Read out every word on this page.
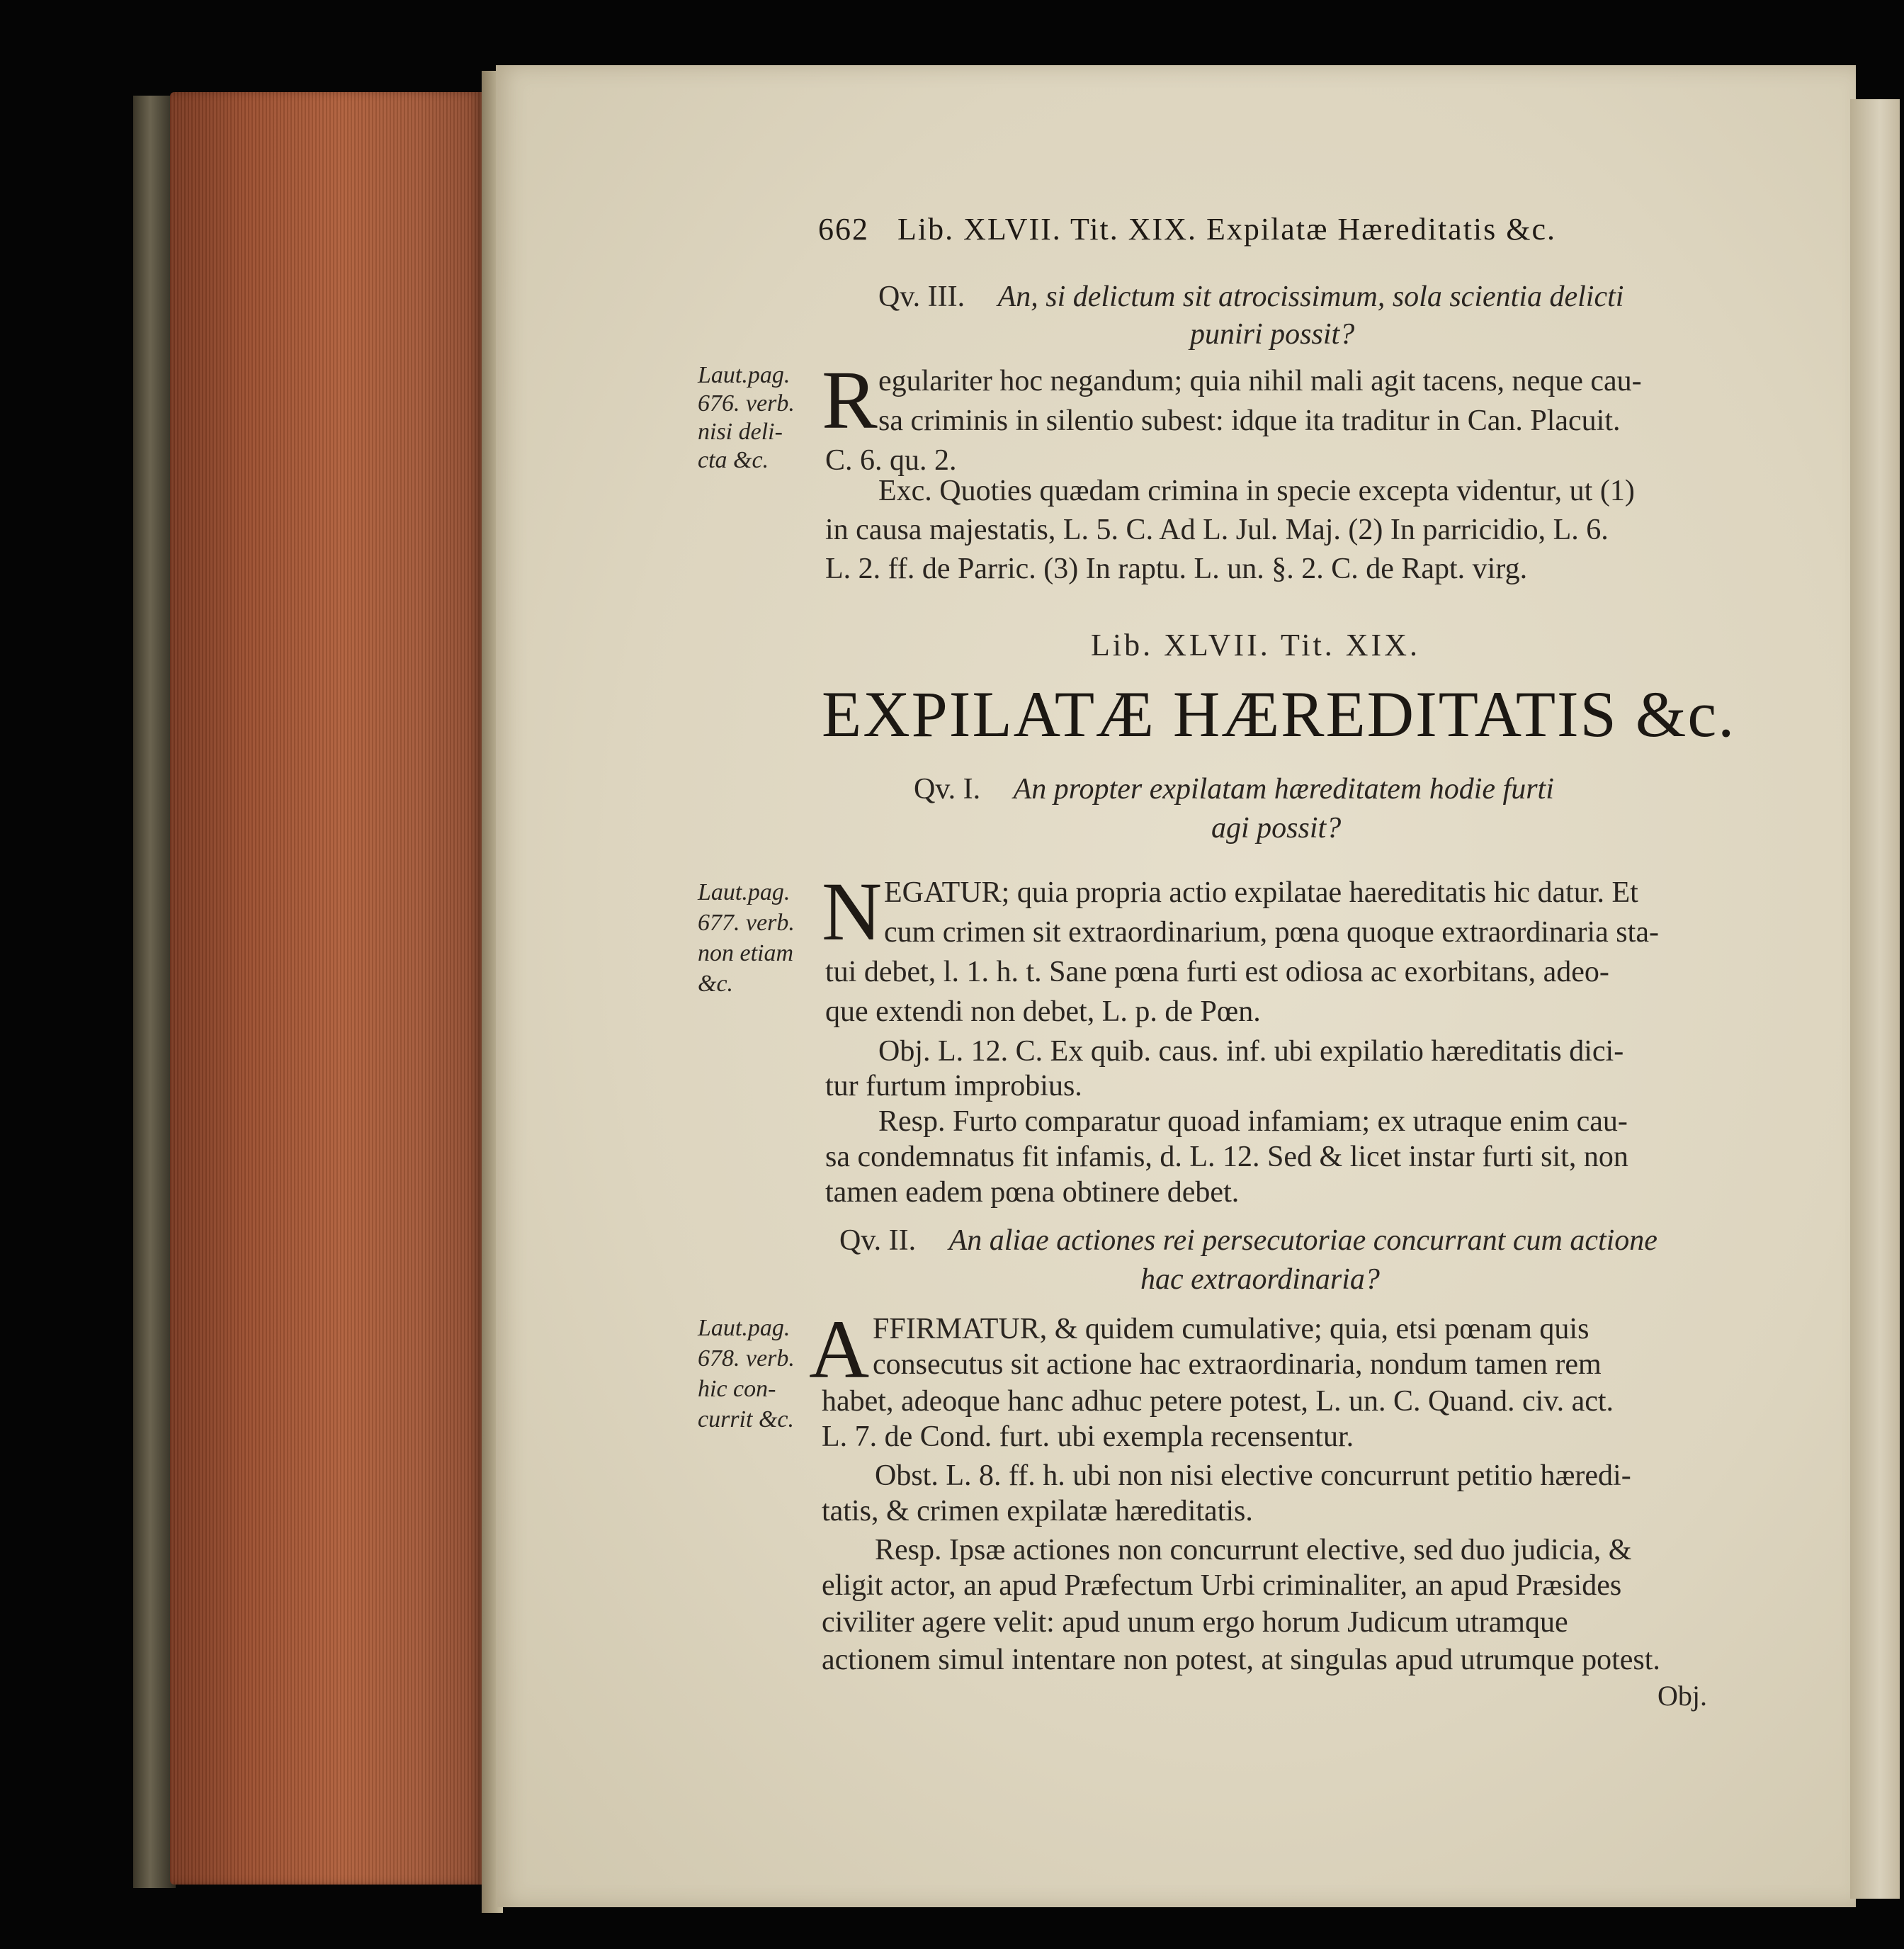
662 Lib. XLVII. Tit. XIX. Expilatæ Hæreditatis &c.
Qv. III. An, si delictum sit atrocissimum, sola scientia delicti
puniri possit?
Laut.pag.
676. verb.
nisi deli-
cta &c.
R egulariter hoc negandum; quia nihil mali agit tacens, neque cau-
sa criminis in silentio subest: idque ita traditur in Can. Placuit.
C. 6. qu. 2.
Exc. Quoties quædam crimina in specie excepta videntur, ut (1)
in causa majestatis, L. 5. C. Ad L. Jul. Maj. (2) In parricidio, L. 6.
L. 2. ff. de Parric. (3) In raptu. L. un. §. 2. C. de Rapt. virg.
Lib. XLVII. Tit. XIX.
EXPILATÆ HÆREDITATIS &c.
Qv. I. An propter expilatam hæreditatem hodie furti
agi possit?
Laut.pag.
677. verb.
non etiam
&c.
N EGATUR; quia propria actio expilatae haereditatis hic datur. Et
cum crimen sit extraordinarium, pœna quoque extraordinaria sta-
tui debet, l. 1. h. t. Sane pœna furti est odiosa ac exorbitans, adeo-
que extendi non debet, L. p. de Pœn.
Obj. L. 12. C. Ex quib. caus. inf. ubi expilatio hæreditatis dici-
tur furtum improbius.
Resp. Furto comparatur quoad infamiam; ex utraque enim cau-
sa condemnatus fit infamis, d. L. 12. Sed & licet instar furti sit, non
tamen eadem pœna obtinere debet.
Qv. II. An aliae actiones rei persecutoriae concurrant cum actione
hac extraordinaria?
Laut.pag.
678. verb.
hic con-
currit &c.
A FFIRMATUR, & quidem cumulative; quia, etsi pœnam quis
consecutus sit actione hac extraordinaria, nondum tamen rem
habet, adeoque hanc adhuc petere potest, L. un. C. Quand. civ. act.
L. 7. de Cond. furt. ubi exempla recensentur.
Obst. L. 8. ff. h. ubi non nisi elective concurrunt petitio hæredi-
tatis, & crimen expilatæ hæreditatis.
Resp. Ipsæ actiones non concurrunt elective, sed duo judicia, &
eligit actor, an apud Præfectum Urbi criminaliter, an apud Præsides
civiliter agere velit: apud unum ergo horum Judicum utramque
actionem simul intentare non potest, at singulas apud utrumque potest.
Obj.
